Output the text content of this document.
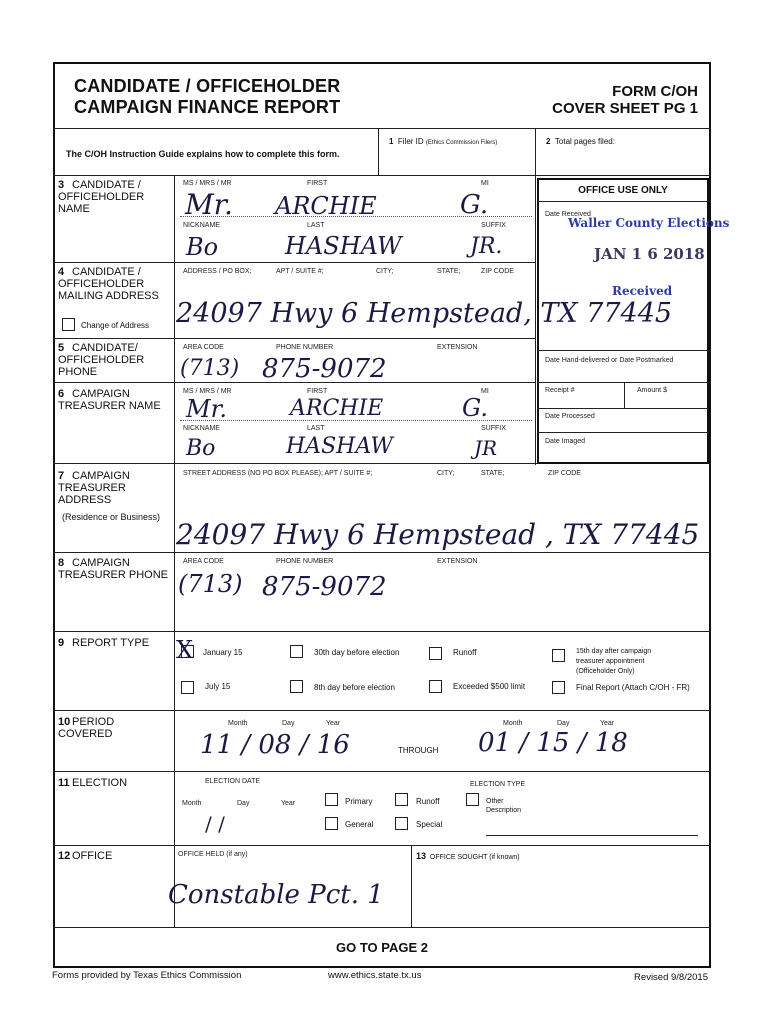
CANDIDATE / OFFICEHOLDER
CAMPAIGN FINANCE REPORT
FORM C/OH
COVER SHEET PG 1
The C/OH Instruction Guide explains how to complete this form.
1 Filer ID (Ethics Commission Filers)	2 Total pages filed:
3 CANDIDATE / OFFICEHOLDER NAME
MS / MRS / MR	FIRST	MI
Mr. ARCHIE	G.
NICKNAME	LAST	SUFFIX
Bo	HASHAW	JR.
4 CANDIDATE / OFFICEHOLDER MAILING ADDRESS
Change of Address
ADDRESS / PO BOX;	APT / SUITE #;	CITY;	STATE;	ZIP CODE
24097 Hwy 6 Hempstead, TX 77445
5 CANDIDATE/ OFFICEHOLDER PHONE
AREA CODE	PHONE NUMBER	EXTENSION
(713) 875-9072
6 CAMPAIGN TREASURER NAME
MS / MRS / MR	FIRST	MI
Mr.	ARCHIE	G.
NICKNAME	LAST	SUFFIX
Bo	HASHAW	JR
OFFICE USE ONLY
Date Received
Waller County Elections
JAN 1 6 2018
Received
Date Hand-delivered or Date Postmarked
Receipt #	Amount $
Date Processed
Date Imaged
7 CAMPAIGN TREASURER ADDRESS
(Residence or Business)
STREET ADDRESS (NO PO BOX PLEASE); APT / SUITE #;	CITY;	STATE;	ZIP CODE
24097 Hwy 6 Hempstead , TX 77445
8 CAMPAIGN TREASURER PHONE
AREA CODE	PHONE NUMBER	EXTENSION
(713) 875-9072
9 REPORT TYPE	X January 15	30th day before election	Runoff	15th day after campaign treasurer appointment (Officeholder Only)
July 15	8th day before election	Exceeded $500 limit	Final Report (Attach C/OH - FR)
10 PERIOD COVERED
Month	Day	Year	Month	Day	Year
11 / 08 / 16	THROUGH 01 / 15 / 18
11 ELECTION	ELECTION DATE	ELECTION TYPE
Month	Day	Year
/ /
Primary	Runoff	Other Description
General	Special
12 OFFICE	OFFICE HELD (if any)	13 OFFICE SOUGHT (if known)
Constable Pct. 1
GO TO PAGE 2
Forms provided by Texas Ethics Commission	www.ethics.state.tx.us	Revised 9/8/2015
